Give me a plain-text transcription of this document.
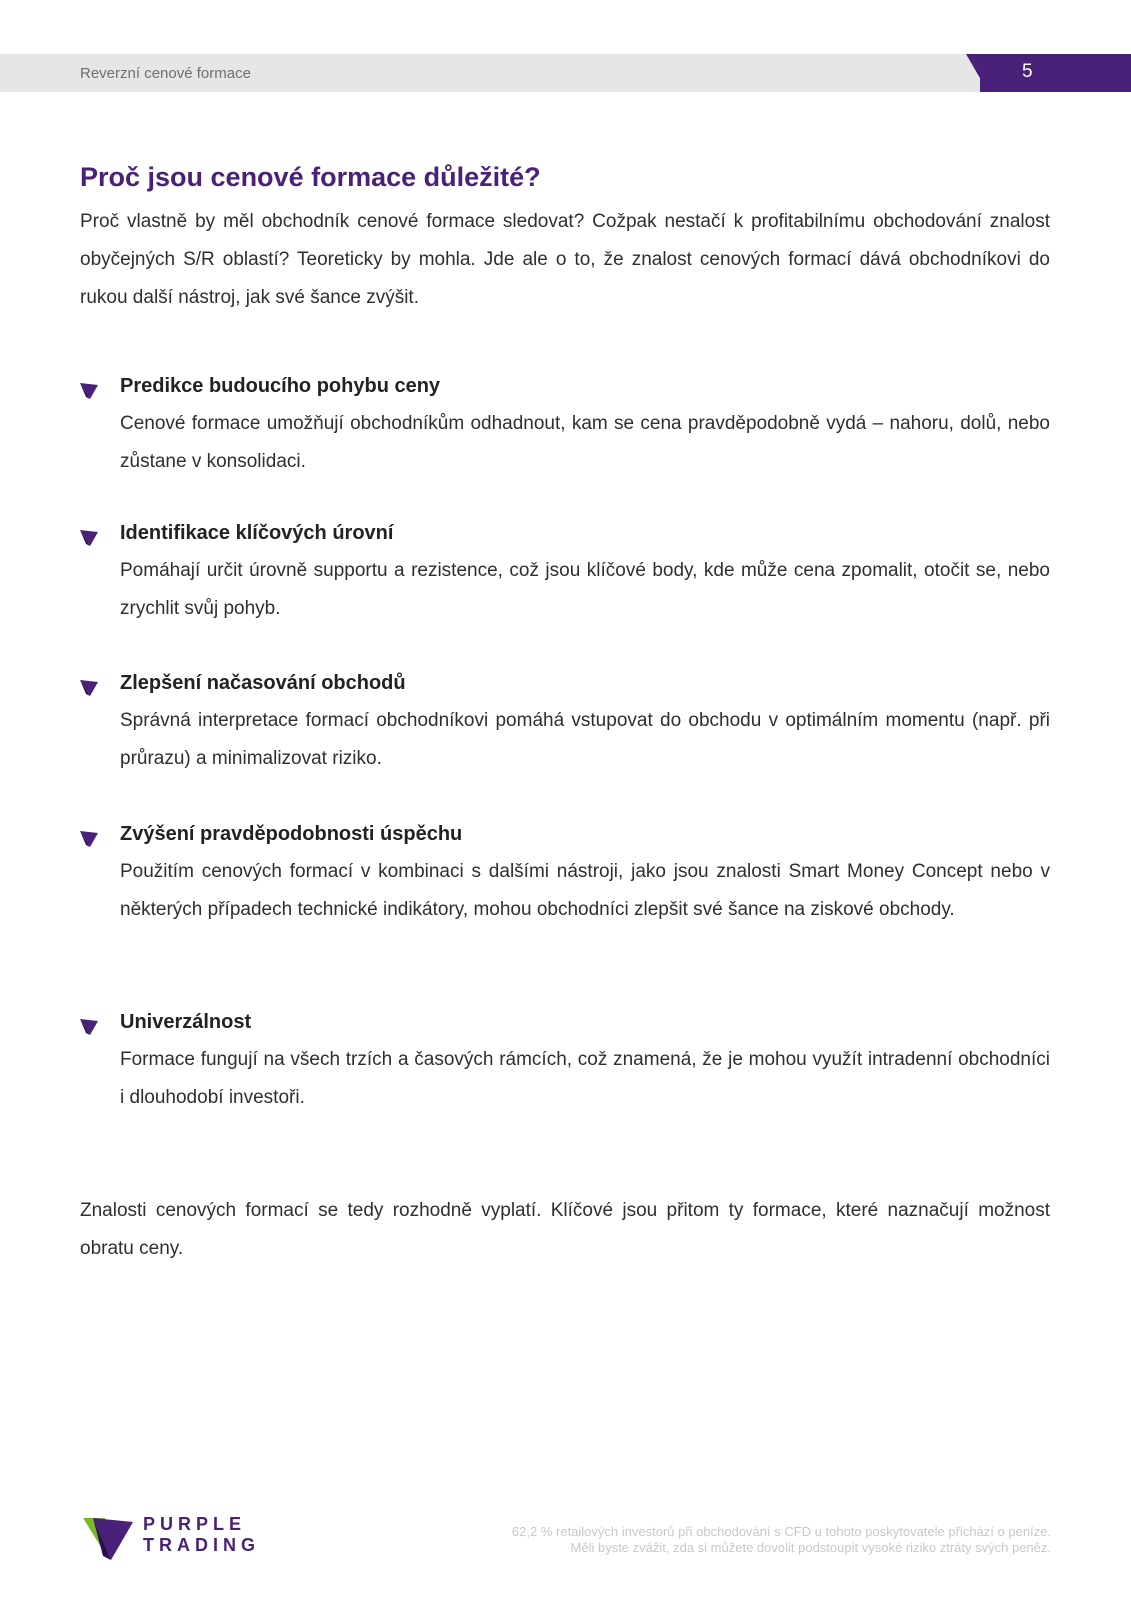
Reverzní cenové formace	5
Proč jsou cenové formace důležité?

Proč vlastně by měl obchodník cenové formace sledovat? Cožpak nestačí k profitabilnímu obchodování znalost obyčejných S/R oblastí? Teoreticky by mohla. Jde ale o to, že znalost cenových formací dává obchodníkovi do rukou další nástroj, jak své šance zvýšit.

Predikce budoucího pohybu ceny

Cenové formace umožňují obchodníkům odhadnout, kam se cena pravděpodobně vydá – nahoru, dolů, nebo zůstane v konsolidaci.

Identifikace klíčových úrovní

Pomáhají určit úrovně supportu a rezistence, což jsou klíčové body, kde může cena zpomalit, otočit se, nebo zrychlit svůj pohyb.

Zlepšení načasování obchodů

Správná interpretace formací obchodníkovi pomáhá vstupovat do obchodu v optimálním momentu (např. při průrazu) a minimalizovat riziko.

Zvýšení pravděpodobnosti úspěchu

Použitím cenových formací v kombinaci s dalšími nástroji, jako jsou znalosti Smart Money Concept nebo v některých případech technické indikátory, mohou obchodníci zlepšit své šance na ziskové obchody.

Univerzálnost

Formace fungují na všech trzích a časových rámcích, což znamená, že je mohou využít intradenní obchodníci i dlouhodobí investoři.

Znalosti cenových formací se tedy rozhodně vyplatí. Klíčové jsou přitom ty formace, které naznačují možnost obratu ceny.

PURPLE
TRADING
62,2 % retailových investorů při obchodování s CFD u tohoto poskytovatele přichází o peníze.
Měli byste zvážit, zda si můžete dovolit podstoupit vysoké riziko ztráty svých peněz.
